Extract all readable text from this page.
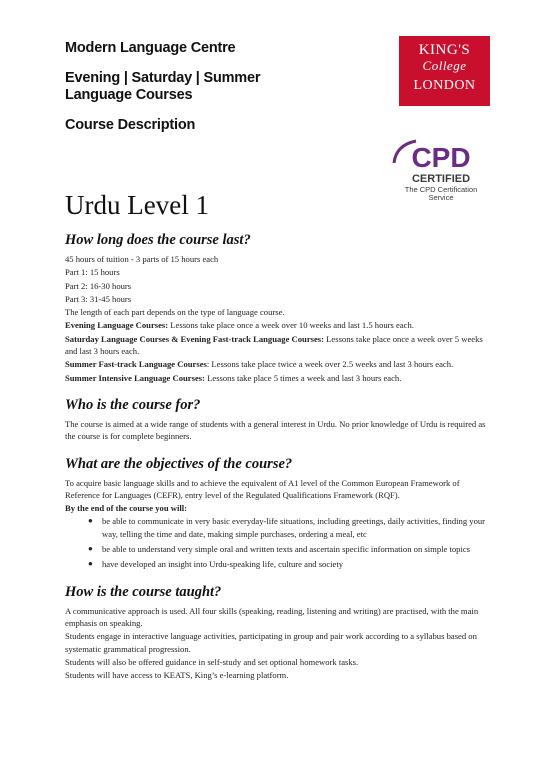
Modern Language Centre
Evening | Saturday | Summer
Language Courses
Course Description
KING'S
College
LONDON
CPD
CERTIFIED
The CPD Certification
Service
Urdu Level 1
How long does the course last?

45 hours of tuition - 3 parts of 15 hours each

Part 1: 15 hours

Part 2: 16-30 hours

Part 3: 31-45 hours

The length of each part depends on the type of language course.

Evening Language Courses: Lessons take place once a week over 10 weeks and last 1.5 hours each.

Saturday Language Courses & Evening Fast-track Language Courses: Lessons take place once a week over 5 weeks and last 3 hours each.

Summer Fast-track Language Courses: Lessons take place twice a week over 2.5 weeks and last 3 hours each.

Summer Intensive Language Courses: Lessons take place 5 times a week and last 3 hours each.

Who is the course for?

The course is aimed at a wide range of students with a general interest in Urdu. No prior knowledge of Urdu is required as the course is for complete beginners.

What are the objectives of the course?

To acquire basic language skills and to achieve the equivalent of A1 level of the Common European Framework of Reference for Languages (CEFR), entry level of the Regulated Qualifications Framework (RQF).

By the end of the course you will:

● be able to communicate in very basic everyday-life situations, including greetings, daily activities, finding your way, telling the time and date, making simple purchases, ordering a meal, etc
● be able to understand very simple oral and written texts and ascertain specific information on simple topics
● have developed an insight into Urdu-speaking life, culture and society
How is the course taught?

A communicative approach is used. All four skills (speaking, reading, listening and writing) are practised, with the main emphasis on speaking.

Students engage in interactive language activities, participating in group and pair work according to a syllabus based on systematic grammatical progression.

Students will also be offered guidance in self-study and set optional homework tasks.

Students will have access to KEATS, King’s e-learning platform.
